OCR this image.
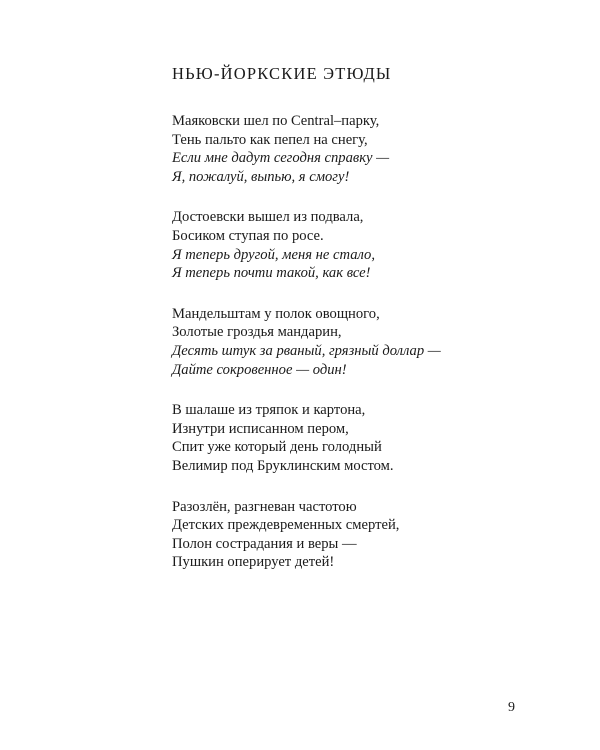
НЬЮ-ЙОРКСКИЕ ЭТЮДЫ
Маяковски шел по Central–парку,
Тень пальто как пепел на снегу,
Если мне дадут сегодня справку —
Я, пожалуй, выпью, я смогу!
Достоевски вышел из подвала,
Босиком ступая по росе.
Я теперь другой, меня не стало,
Я теперь почти такой, как все!
Мандельштам у полок овощного,
Золотые гроздья мандарин,
Десять штук за рваный, грязный доллар —
Дайте сокровенное — один!
В шалаше из тряпок и картона,
Изнутри исписанном пером,
Спит уже который день голодный
Велимир под Бруклинским мостом.
Разозлён, разгневан частотою
Детских преждевременных смертей,
Полон сострадания и веры —
Пушкин оперирует детей!
9
